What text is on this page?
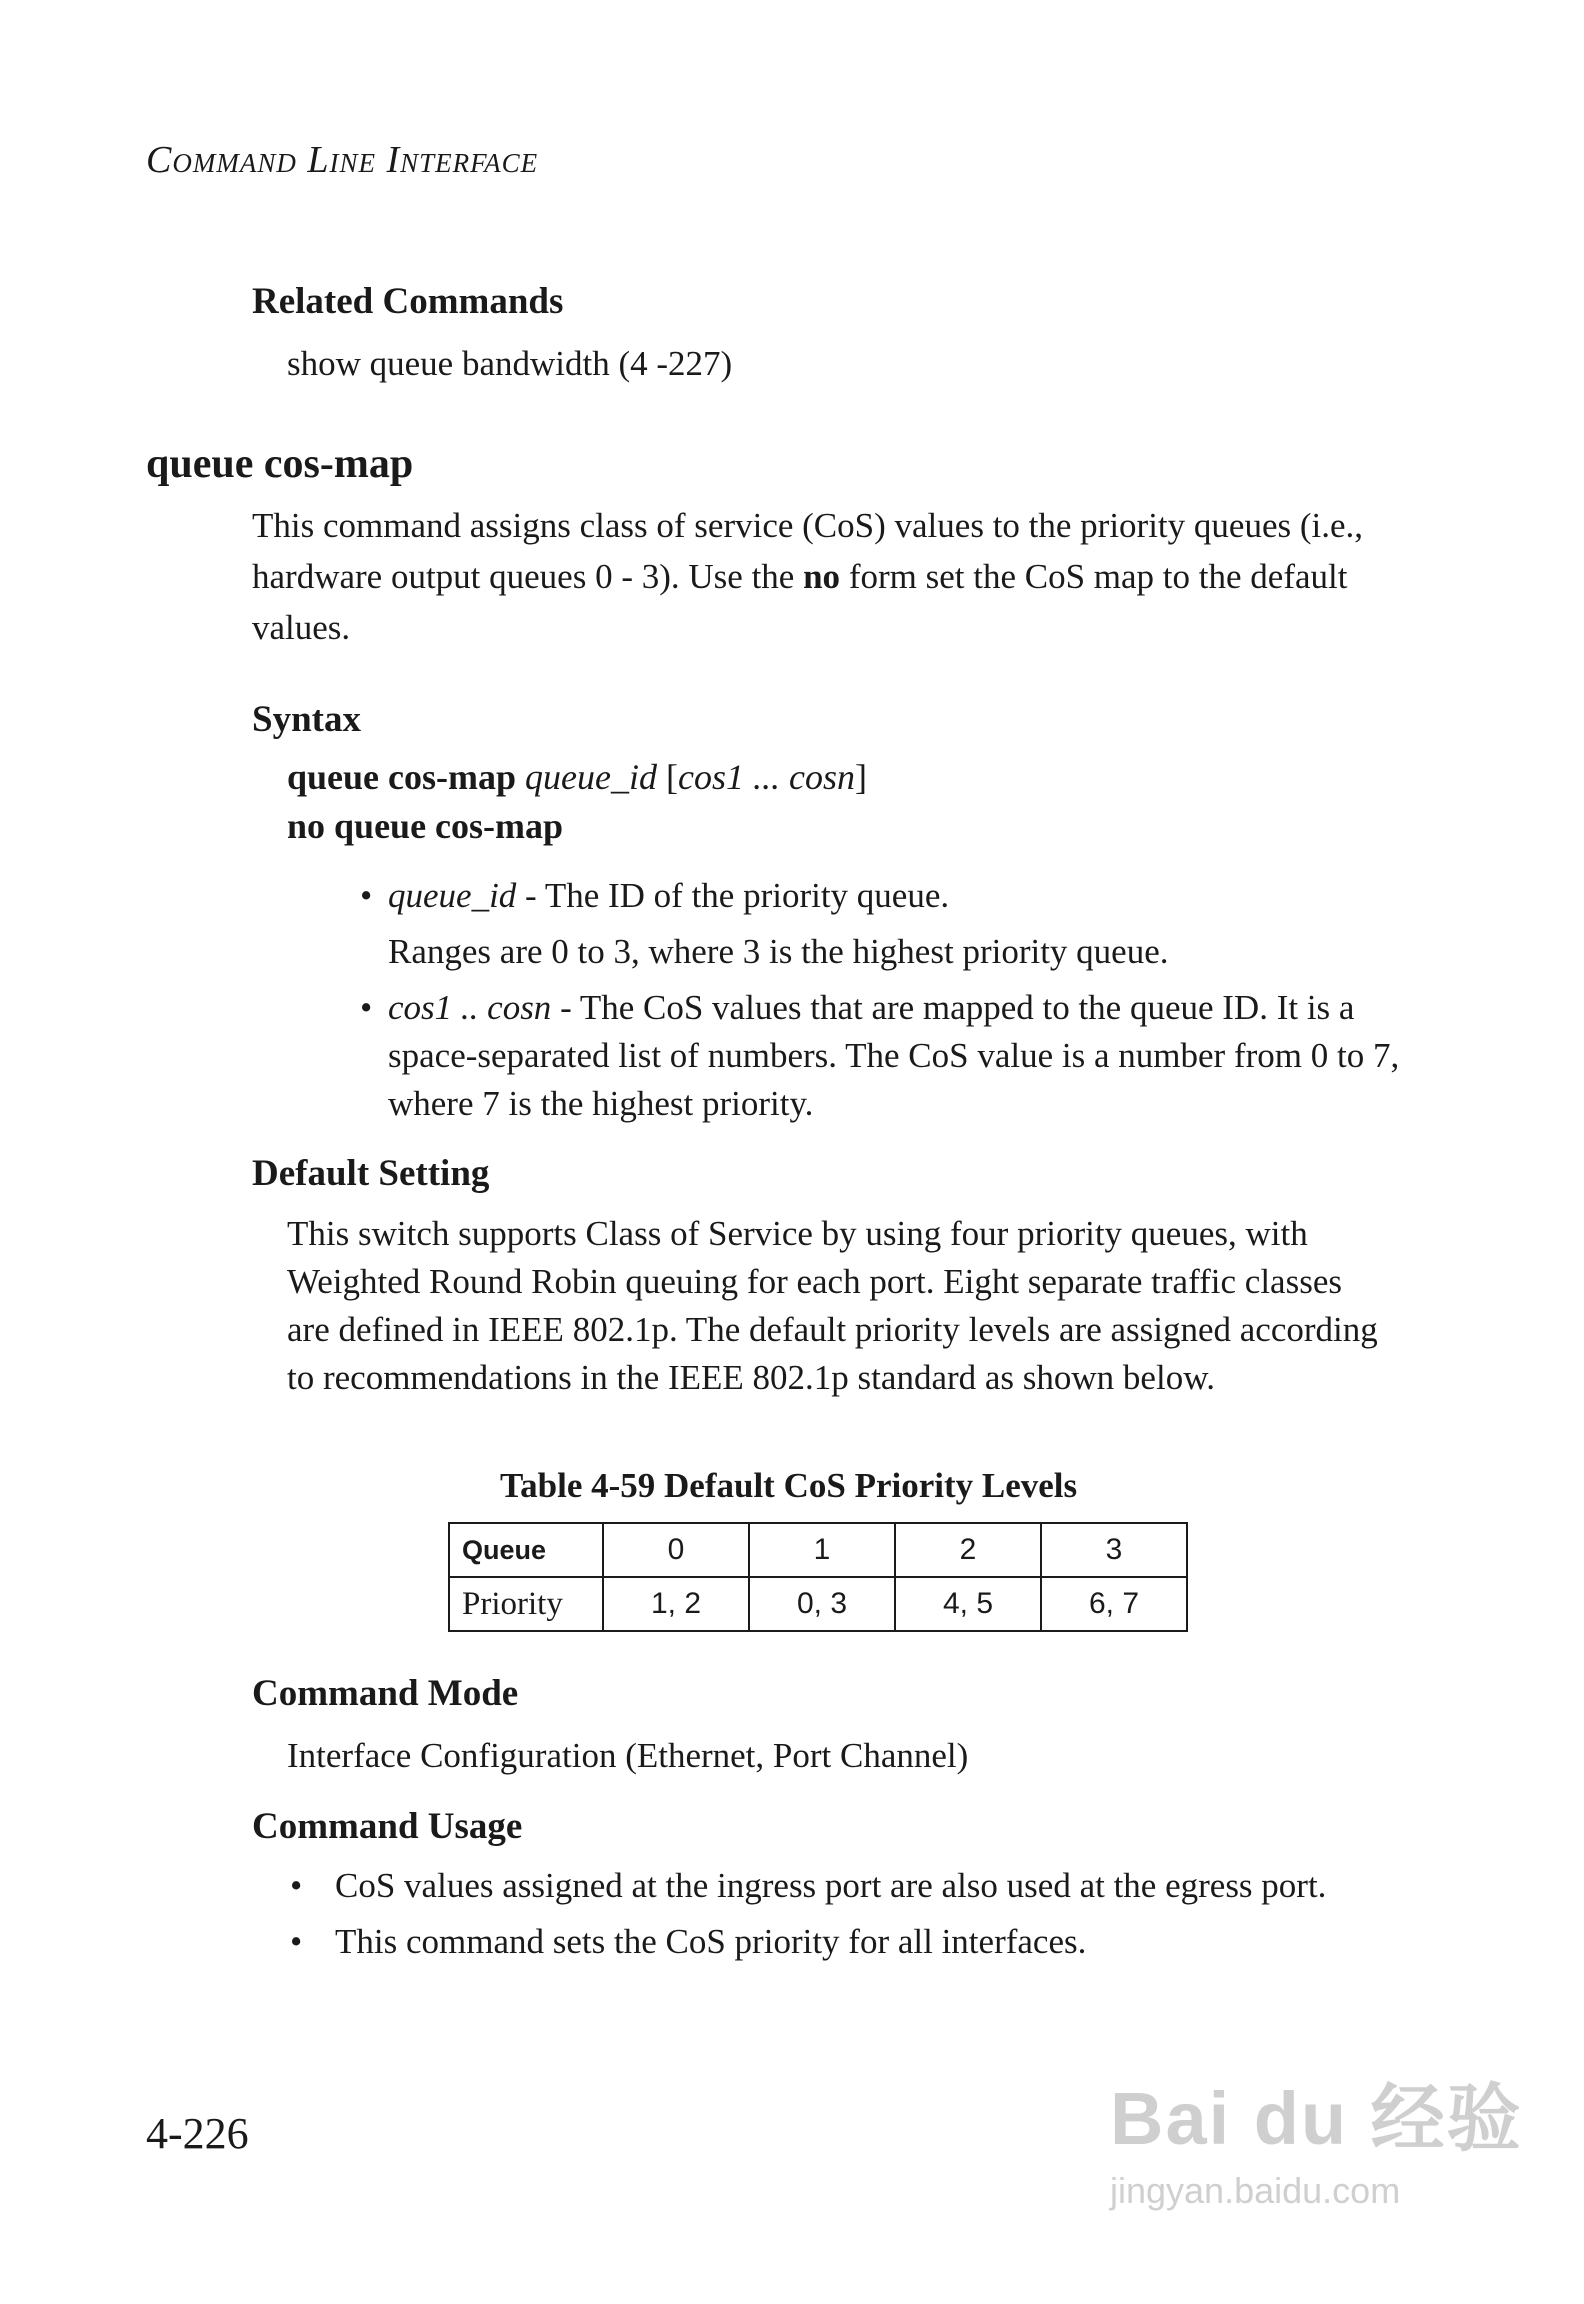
Command Line Interface
Related Commands
show queue bandwidth (4 -227)
queue cos-map
This command assigns class of service (CoS) values to the priority queues (i.e., hardware output queues 0 - 3). Use the no form set the CoS map to the default values.
Syntax
queue cos-map queue_id [cos1 ... cosn]
no queue cos-map
• queue_id - The ID of the priority queue.
Ranges are 0 to 3, where 3 is the highest priority queue.
• cos1 .. cosn - The CoS values that are mapped to the queue ID. It is a space-separated list of numbers. The CoS value is a number from 0 to 7, where 7 is the highest priority.
Default Setting
This switch supports Class of Service by using four priority queues, with Weighted Round Robin queuing for each port. Eight separate traffic classes are defined in IEEE 802.1p. The default priority levels are assigned according to recommendations in the IEEE 802.1p standard as shown below.
Table 4-59 Default CoS Priority Levels
Queue	0	1	2	3
Priority	1, 2	0, 3	4, 5	6, 7
Command Mode
Interface Configuration (Ethernet, Port Channel)
Command Usage
• CoS values assigned at the ingress port are also used at the egress port.
• This command sets the CoS priority for all interfaces.
4-226	Bai du 经验
jingyan.baidu.com
